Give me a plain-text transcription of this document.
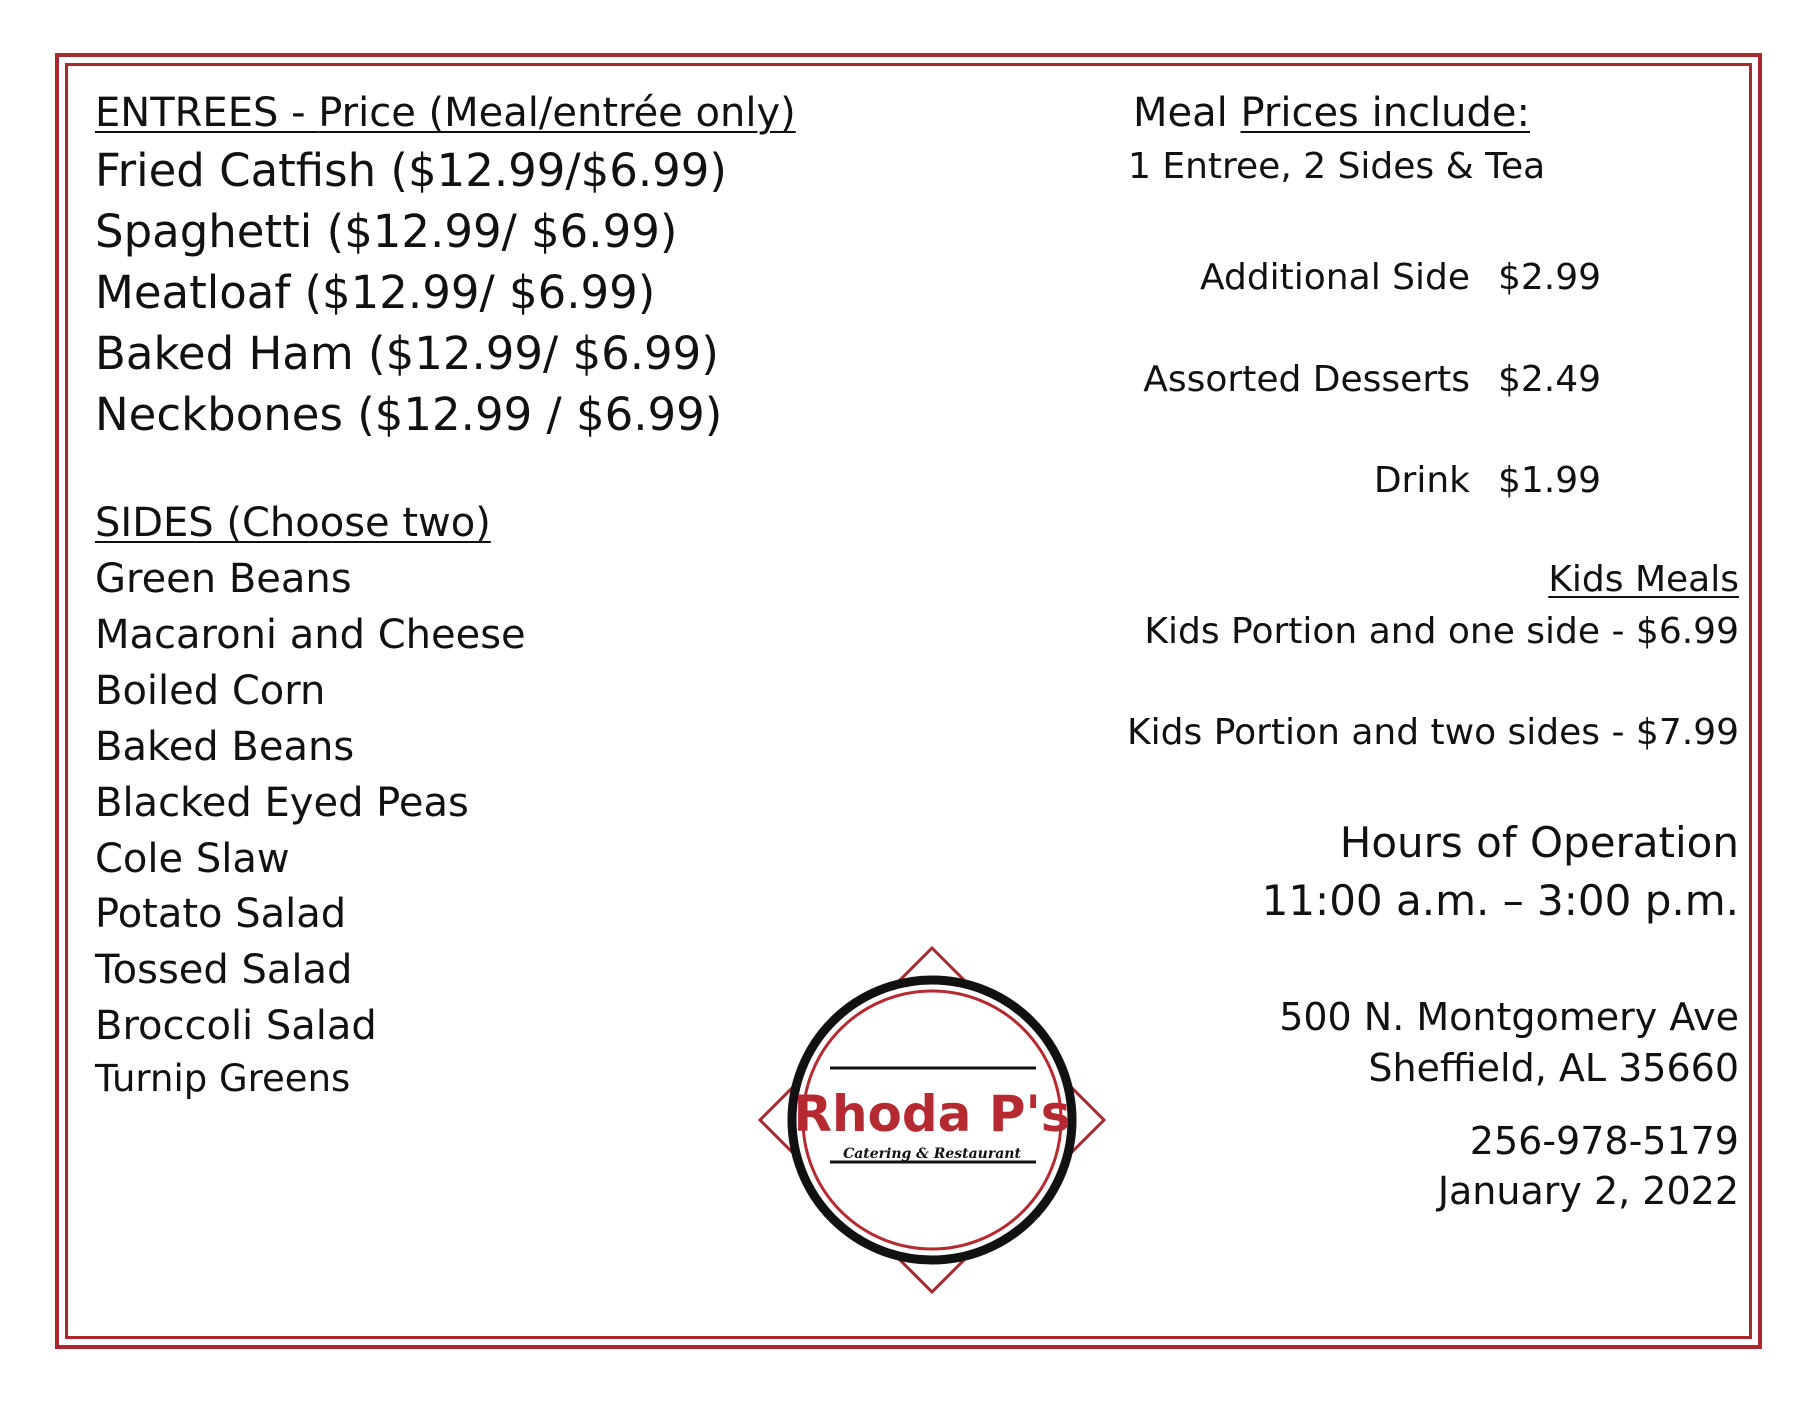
ENTREES - Price (Meal/entrée only)
Fried Catfish ($12.99/$6.99)
Spaghetti ($12.99/ $6.99)
Meatloaf ($12.99/ $6.99)
Baked Ham ($12.99/ $6.99)
Neckbones ($12.99 / $6.99)
SIDES (Choose two)
Green Beans
Macaroni and Cheese
Boiled Corn
Baked Beans
Blacked Eyed Peas
Cole Slaw
Potato Salad
Tossed Salad
Broccoli Salad
Turnip Greens
Meal Prices include:
1 Entree, 2 Sides & Tea
Additional Side $2.99
Assorted Desserts $2.49
Drink $1.99
Kids Meals
Kids Portion and one side - $6.99
Kids Portion and two sides - $7.99
Hours of Operation
11:00 a.m. – 3:00 p.m.
500 N. Montgomery Ave
Sheffield, AL 35660
256-978-5179
January 2, 2022
Rhoda P's
Catering & Restaurant
